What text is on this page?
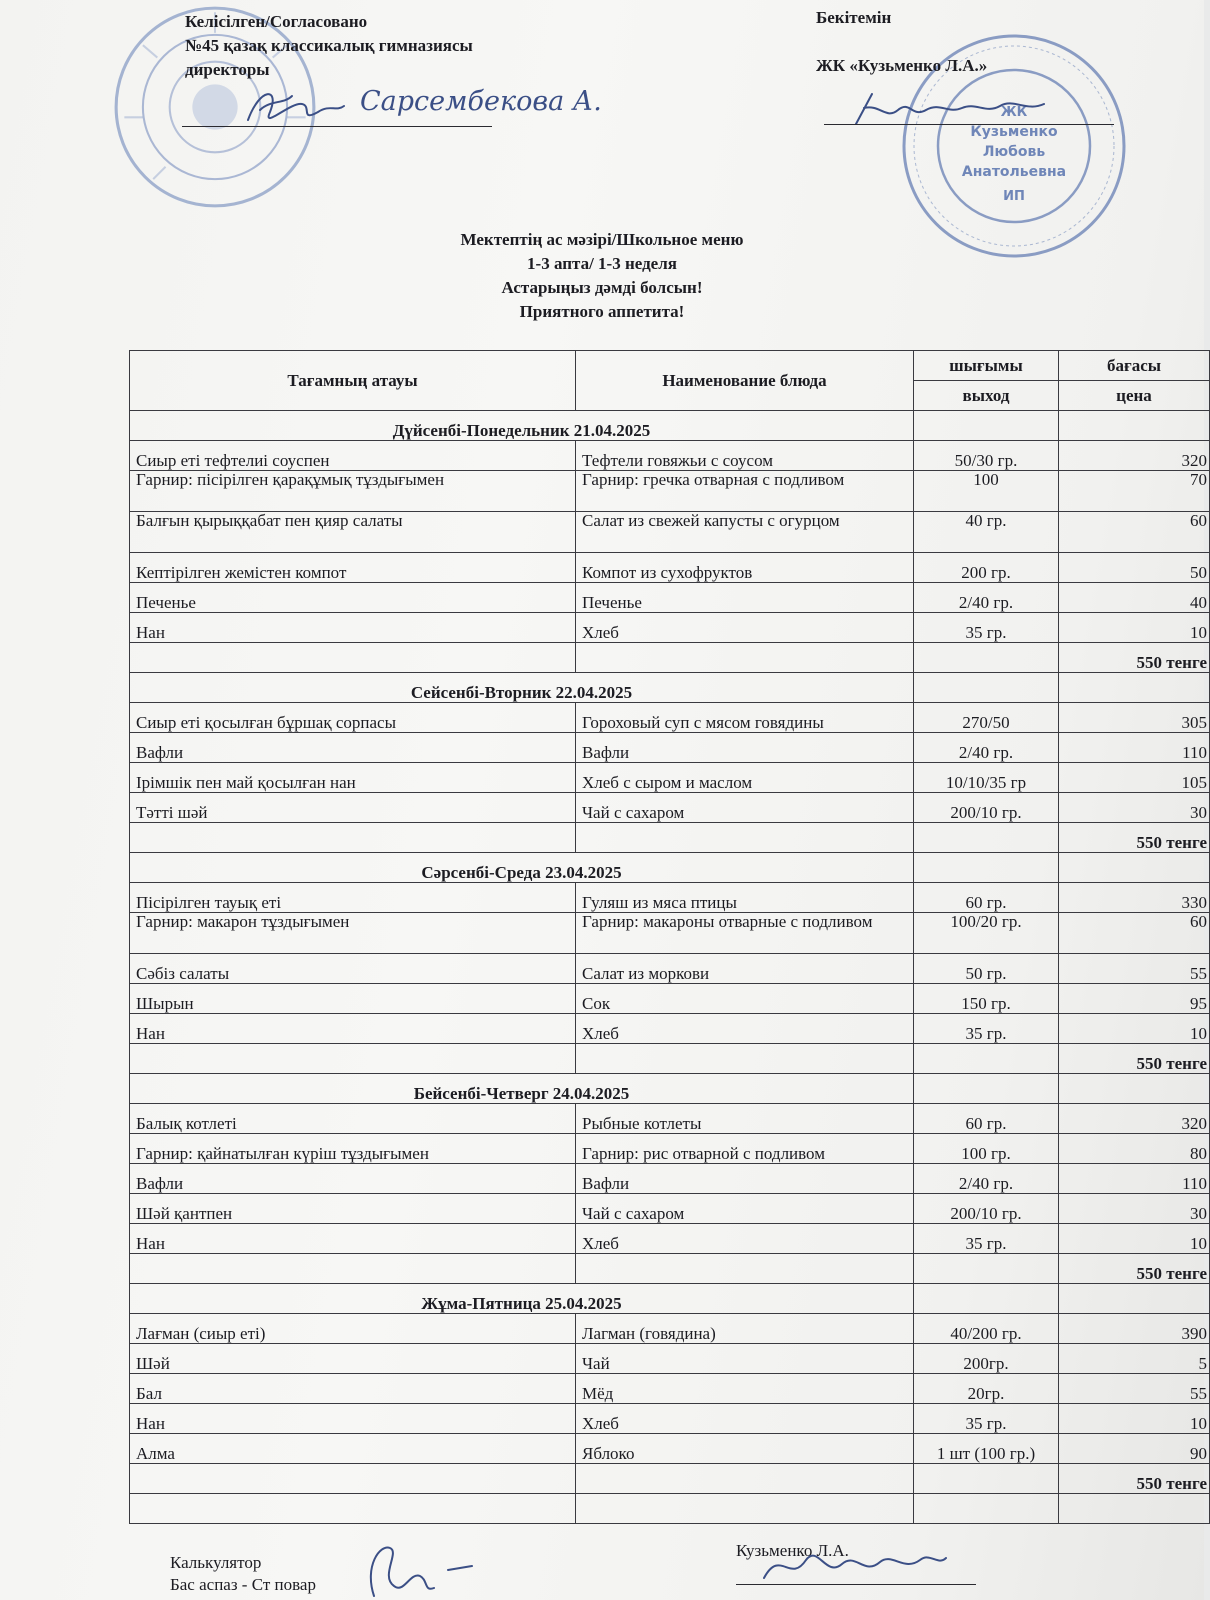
ЖК
Кузьменко
Любовь
Анатольевна
ИП
Келісілген/Согласовано
№45 қазақ классикалық гимназиясы
директоры
Сарсембекова А.
Бекітемін
ЖК «Кузьменко Л.А.»
Мектептің ас мәзірі/Школьное меню
1-3 апта/ 1-3 неделя
Астарыңыз дәмді болсын!
Приятного аппетита!
Тағамның атауы	Наименование блюда	шығымы	бағасы
		выход	цена
Дүйсенбі-Понедельник 21.04.2025			
Сиыр еті тефтелиі соуспен	Тефтели говяжьи с соусом	50/30 гр.	320
Гарнир: пісірілген қарақұмық тұздығымен	Гарнир: гречка отварная с подливом	100	70
Балғын қырыққабат пен қияр салаты	Салат из свежей капусты с огурцом	40 гр.	60
Кептірілген жемістен компот	Компот из сухофруктов	200 гр.	50
Печенье	Печенье	2/40 гр.	40
Нан	Хлеб	35 гр.	10
			550 тенге
Сейсенбі-Вторник 22.04.2025			
Сиыр еті қосылған бұршақ сорпасы	Гороховый суп с мясом говядины	270/50	305
Вафли	Вафли	2/40 гр.	110
Ірімшік пен май қосылған нан	Хлеб с сыром и маслом	10/10/35 гр	105
Тәтті шәй	Чай с сахаром	200/10 гр.	30
			550 тенге
Сәрсенбі-Среда 23.04.2025			
Пісірілген тауық еті	Гуляш из мяса птицы	60 гр.	330
Гарнир: макарон тұздығымен	Гарнир: макароны отварные с подливом	100/20 гр.	60
Сәбіз салаты	Салат из моркови	50 гр.	55
Шырын	Сок	150 гр.	95
Нан	Хлеб	35 гр.	10
			550 тенге
Бейсенбі-Четверг 24.04.2025			
Балық котлеті	Рыбные котлеты	60 гр.	320
Гарнир: қайнатылған күріш тұздығымен	Гарнир: рис отварной с подливом	100 гр.	80
Вафли	Вафли	2/40 гр.	110
Шәй қантпен	Чай с сахаром	200/10 гр.	30
Нан	Хлеб	35 гр.	10
			550 тенге
Жұма-Пятница 25.04.2025			
Лағман (сиыр еті)	Лагман (говядина)	40/200 гр.	390
Шәй	Чай	200гр.	5
Бал	Мёд	20гр.	55
Нан	Хлеб	35 гр.	10
Алма	Яблоко	1 шт (100 гр.)	90
			550 тенге

Калькулятор
Бас аспаз - Ст повар
Кузьменко Л.А.
